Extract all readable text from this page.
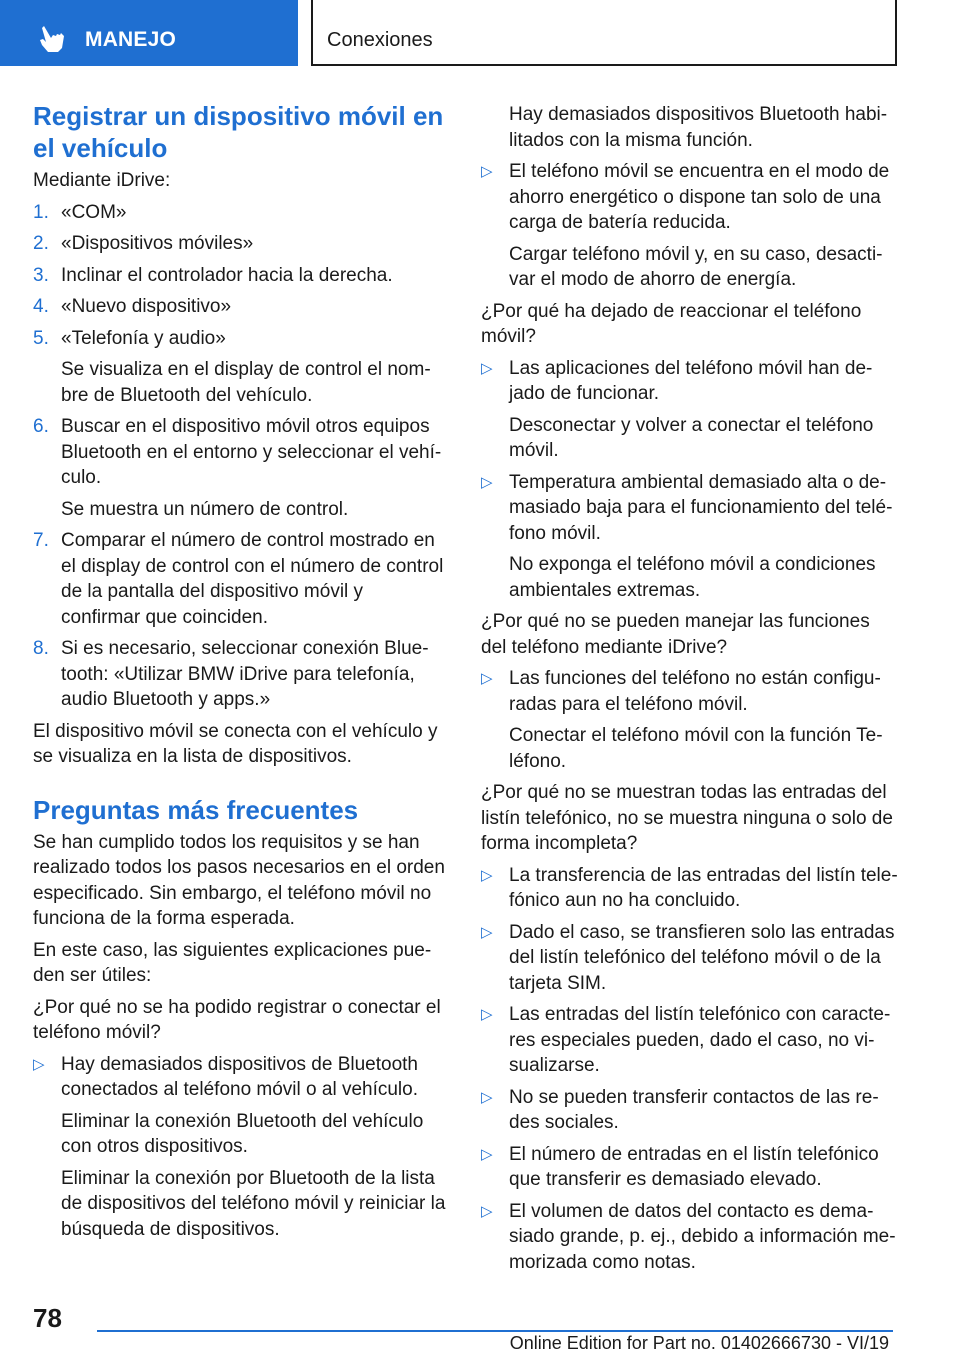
MANEJO	Conexiones
Registrar un dispositivo móvil en el vehículo

Mediante iDrive:

1. «COM»
2. «Dispositivos móviles»
3. Inclinar el controlador hacia la derecha.
4. «Nuevo dispositivo»
5. «Telefonía y audio»
Se visualiza en el display de control el nombre de Bluetooth del vehículo.
6. Buscar en el dispositivo móvil otros equipos Bluetooth en el entorno y seleccionar el vehículo.
Se muestra un número de control.
7. Comparar el número de control mostrado en el display de control con el número de control de la pantalla del dispositivo móvil y confirmar que coinciden.
8. Si es necesario, seleccionar conexión Bluetooth: «Utilizar BMW iDrive para telefonía, audio Bluetooth y apps.»

El dispositivo móvil se conecta con el vehículo y se visualiza en la lista de dispositivos.

Preguntas más frecuentes

Se han cumplido todos los requisitos y se han realizado todos los pasos necesarios en el orden especificado. Sin embargo, el teléfono móvil no funciona de la forma esperada.

En este caso, las siguientes explicaciones pueden ser útiles:

¿Por qué no se ha podido registrar o conectar el teléfono móvil?

▷ Hay demasiados dispositivos de Bluetooth conectados al teléfono móvil o al vehículo.
Eliminar la conexión Bluetooth del vehículo con otros dispositivos.
Eliminar la conexión por Bluetooth de la lista de dispositivos del teléfono móvil y reiniciar la búsqueda de dispositivos.

Hay demasiados dispositivos Bluetooth habilitados con la misma función.

▷ El teléfono móvil se encuentra en el modo de ahorro energético o dispone tan solo de una carga de batería reducida.
Cargar teléfono móvil y, en su caso, desactivar el modo de ahorro de energía.

¿Por qué ha dejado de reaccionar el teléfono móvil?

▷ Las aplicaciones del teléfono móvil han dejado de funcionar.
Desconectar y volver a conectar el teléfono móvil.
▷ Temperatura ambiental demasiado alta o demasiado baja para el funcionamiento del teléfono móvil.
No exponga el teléfono móvil a condiciones ambientales extremas.

¿Por qué no se pueden manejar las funciones del teléfono mediante iDrive?

▷ Las funciones del teléfono no están configuradas para el teléfono móvil.
Conectar el teléfono móvil con la función Teléfono.

¿Por qué no se muestran todas las entradas del listín telefónico, no se muestra ninguna o solo de forma incompleta?

▷ La transferencia de las entradas del listín telefónico aun no ha concluido.
▷ Dado el caso, se transfieren solo las entradas del listín telefónico del teléfono móvil o de la tarjeta SIM.
▷ Las entradas del listín telefónico con caracteres especiales pueden, dado el caso, no visualizarse.
▷ No se pueden transferir contactos de las redes sociales.
▷ El número de entradas en el listín telefónico que transferir es demasiado elevado.
▷ El volumen de datos del contacto es demasiado grande, p. ej., debido a información memorizada como notas.
78
Online Edition for Part no. 01402666730 - VI/19
